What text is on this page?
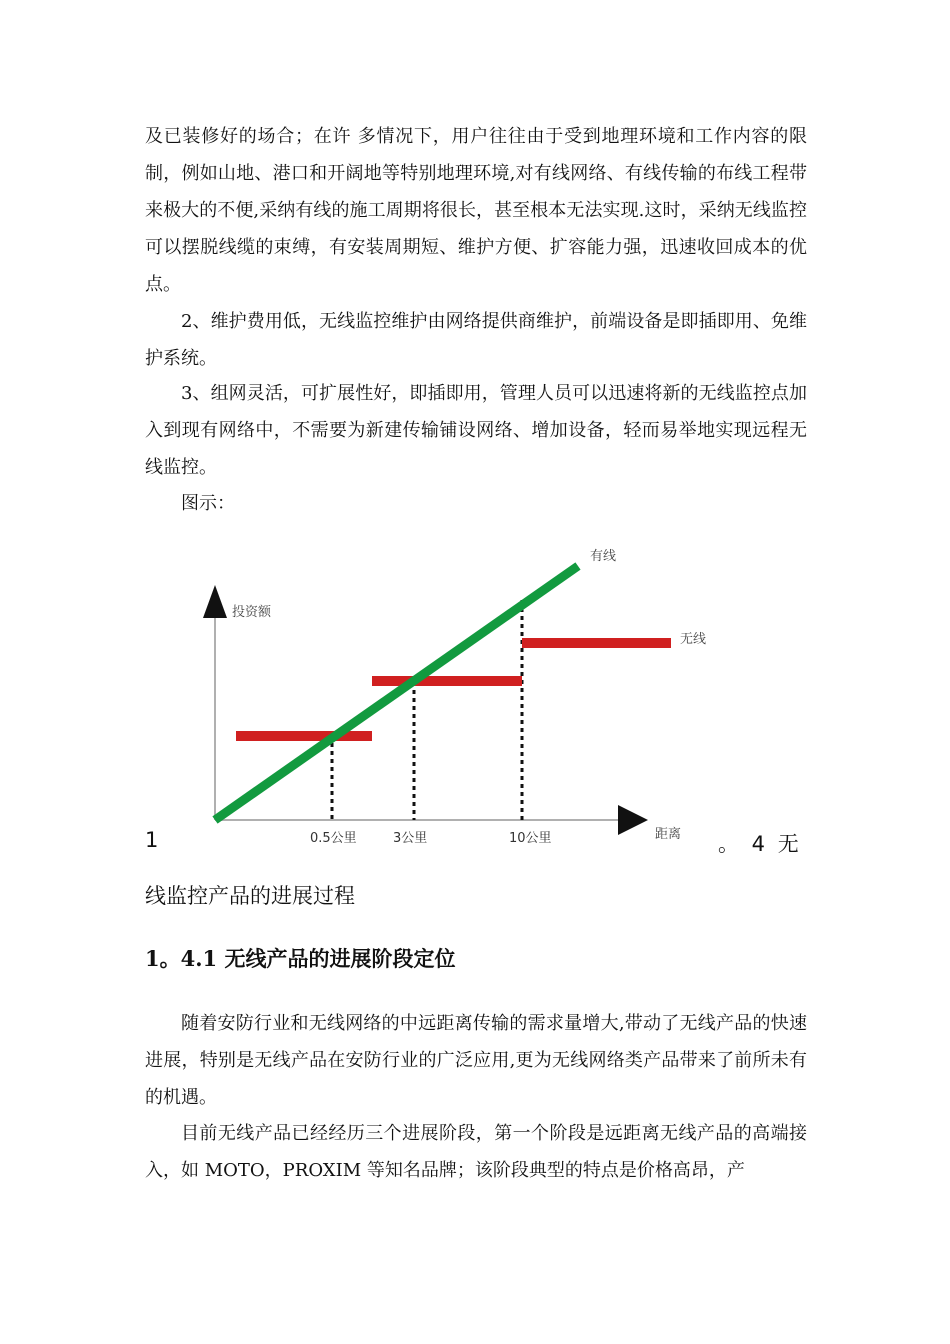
及已装修好的场合；在许 多情况下，用户往往由于受到地理环境和工作内容的限制，例如山地、港口和开阔地等特别地理环境,对有线网络、有线传输的布线工程带来极大的不便,采纳有线的施工周期将很长，甚至根本无法实现.这时，采纳无线监控可以摆脱线缆的束缚，有安装周期短、维护方便、扩容能力强，迅速收回成本的优点。

2、维护费用低，无线监控维护由网络提供商维护，前端设备是即插即用、免维护系统。

3、组网灵活，可扩展性好，即插即用，管理人员可以迅速将新的无线监控点加入到现有网络中，不需要为新建传输铺设网络、增加设备，轻而易举地实现远程无线监控。

图示：

投资额
距离
有线
无线
0.5公里	3公里	10公里
1	。 4 无
线监控产品的进展过程
1。4.1 无线产品的进展阶段定位

随着安防行业和无线网络的中远距离传输的需求量增大,带动了无线产品的快速进展，特别是无线产品在安防行业的广泛应用,更为无线网络类产品带来了前所未有的机遇。

目前无线产品已经经历三个进展阶段，第一个阶段是远距离无线产品的高端接入，如 MOTO，PROXIM 等知名品牌；该阶段典型的特点是价格高昂，产
